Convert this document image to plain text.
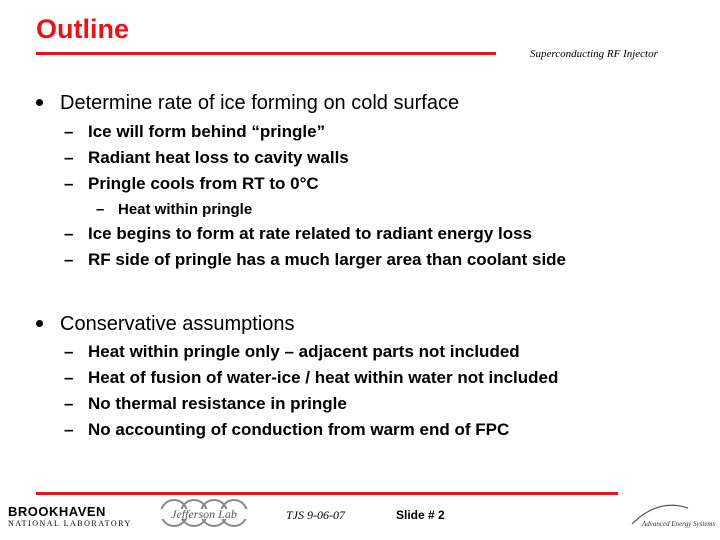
Outline
Superconducting RF Injector
Determine rate of ice forming on cold surface
– Ice will form behind “pringle”
– Radiant heat loss to cavity walls
– Pringle cools from RT to 0°C
– Heat within pringle
– Ice begins to form at rate related to radiant energy loss
– RF side of pringle has a much larger area than coolant side
Conservative assumptions
– Heat within pringle only – adjacent parts not included
– Heat of fusion of water-ice / heat within water not included
– No thermal resistance in pringle
– No accounting of conduction from warm end of FPC
BROOKHAVEN
NATIONAL LABORATORY
Jefferson Lab	TJS 9-06-07	Slide # 2
Advanced Energy Systems
